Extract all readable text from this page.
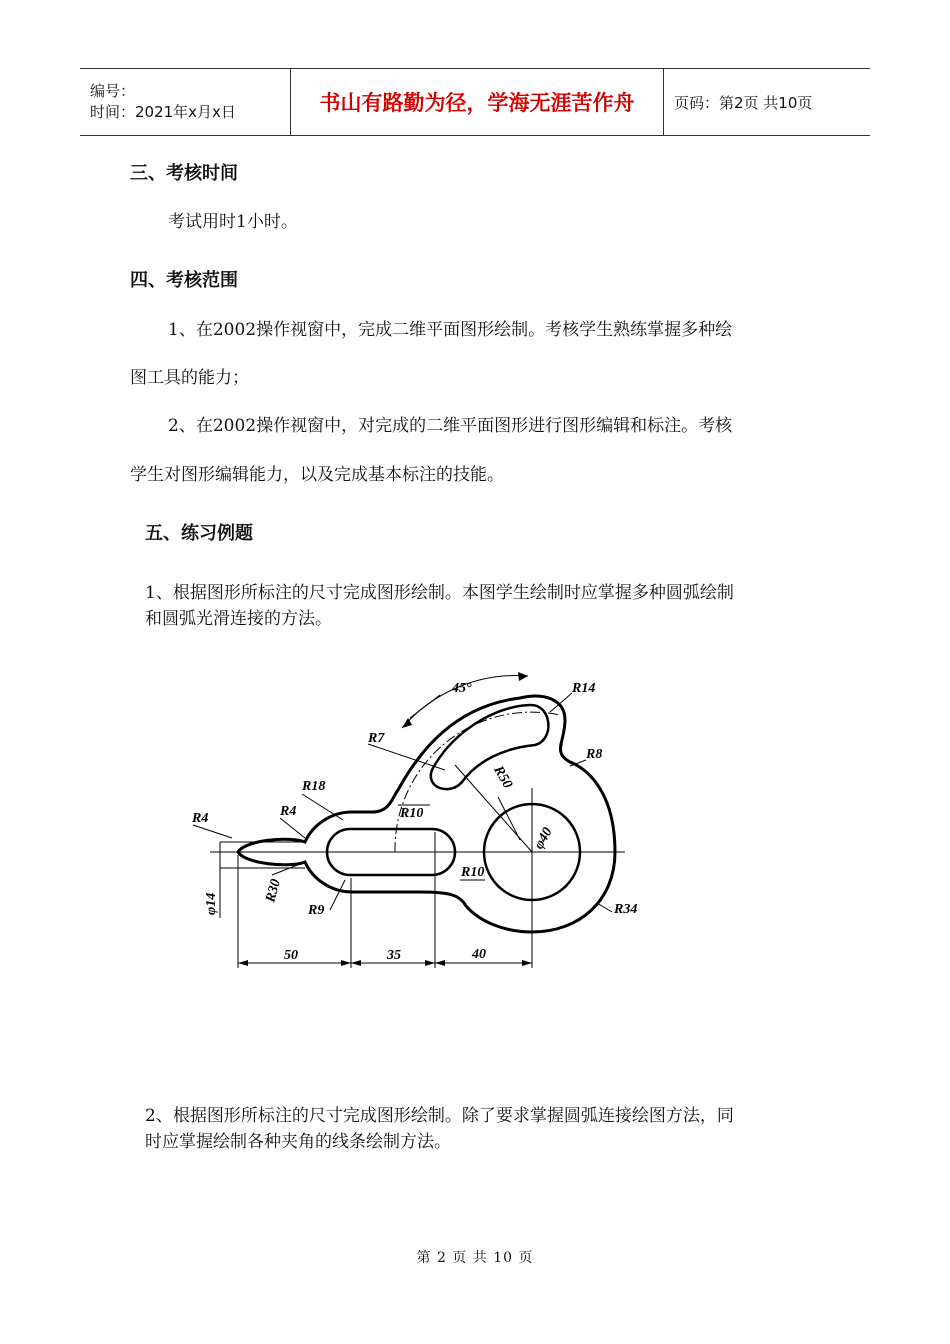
编号：
时间：2021年x月x日	书山有路勤为径，学海无涯苦作舟	页码：第2页 共10页
三、考核时间
考试用时1小时。
四、考核范围
1、在2002操作视窗中，完成二维平面图形绘制。考核学生熟练掌握多种绘
图工具的能力；
2、在2002操作视窗中，对完成的二维平面图形进行图形编辑和标注。考核
学生对图形编辑能力，以及完成基本标注的技能。
五、练习例题
1、根据图形所标注的尺寸完成图形绘制。本图学生绘制时应掌握多种圆弧绘制
和圆弧光滑连接的方法。
45°	R14
R7
R8
R50
R18
R4	R10
φ40
R4
R30
R10
φ14	R9	R34
50	35	40
2、根据图形所标注的尺寸完成图形绘制。除了要求掌握圆弧连接绘图方法，同
时应掌握绘制各种夹角的线条绘制方法。
第 2 页 共 10 页
